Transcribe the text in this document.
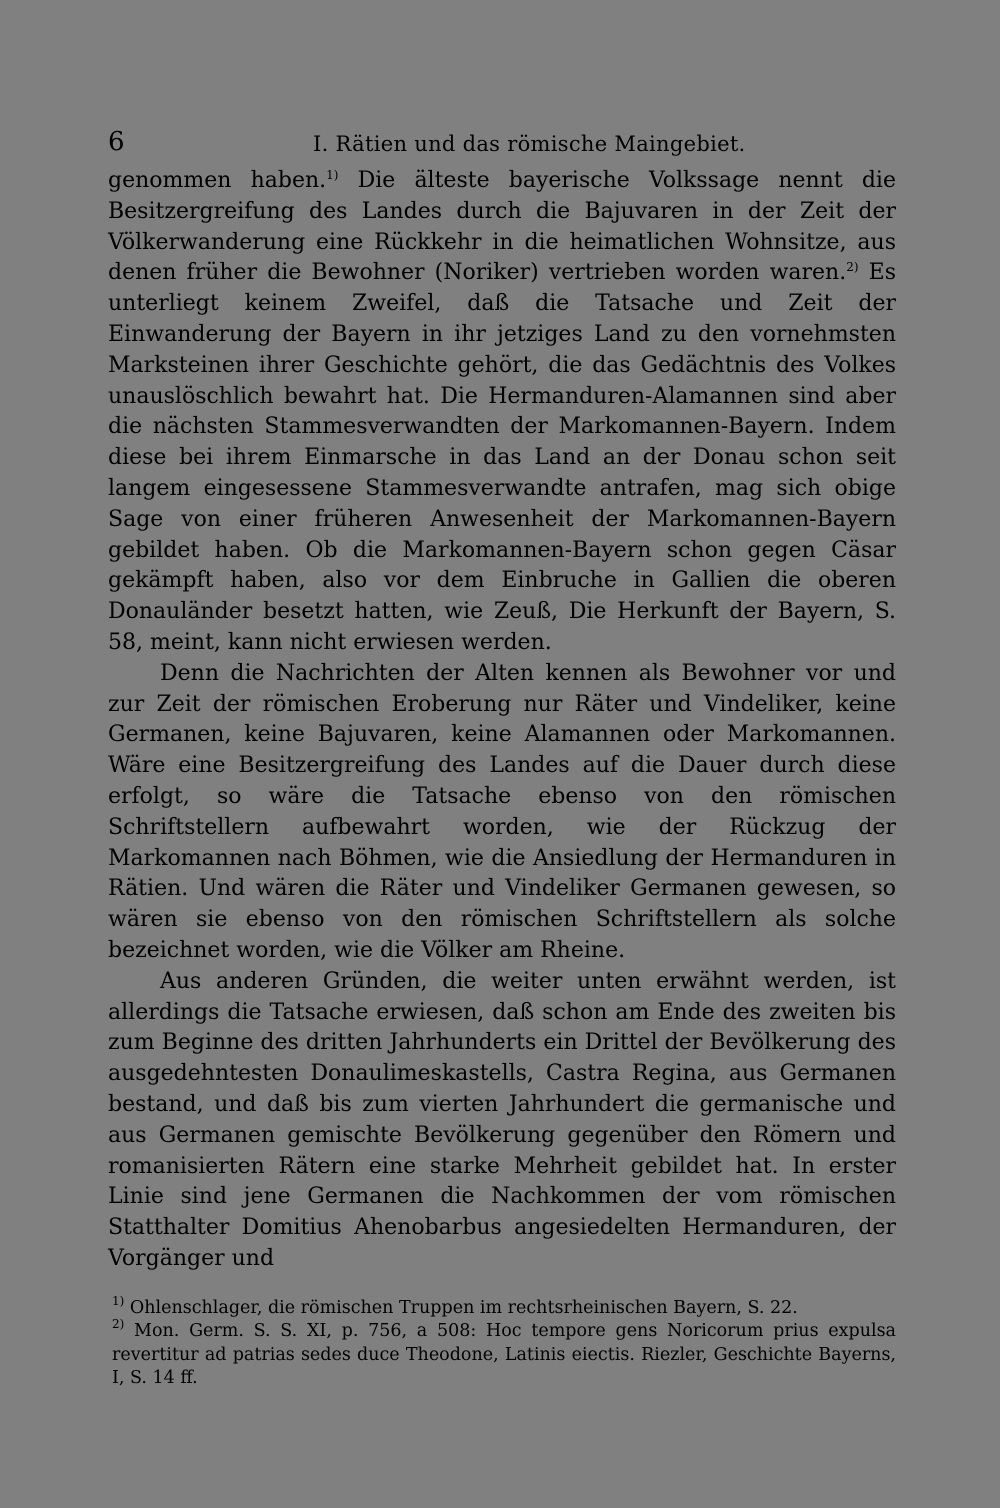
6	I. Rätien und das römische Maingebiet.

genommen haben.$^{1)}$ Die älteste bayerische Volkssage nennt die Besitzergreifung des Landes durch die Bajuvaren in der Zeit der Völkerwanderung eine Rückkehr in die heimatlichen Wohnsitze, aus denen früher die Bewohner (Noriker) vertrieben worden waren.$^{2)}$ Es unterliegt keinem Zweifel, daß die Tatsache und Zeit der Einwanderung der Bayern in ihr jetziges Land zu den vornehmsten Marksteinen ihrer Geschichte gehört, die das Gedächtnis des Volkes unauslöschlich bewahrt hat. Die Hermanduren-Alamannen sind aber die nächsten Stammesverwandten der Markomannen-Bayern. Indem diese bei ihrem Einmarsche in das Land an der Donau schon seit langem eingesessene Stammesverwandte antrafen, mag sich obige Sage von einer früheren Anwesenheit der Markomannen-Bayern gebildet haben. Ob die Markomannen-Bayern schon gegen Cäsar gekämpft haben, also vor dem Einbruche in Gallien die oberen Donauländer besetzt hatten, wie Zeuß, Die Herkunft der Bayern, S. 58, meint, kann nicht erwiesen werden.

Denn die Nachrichten der Alten kennen als Bewohner vor und zur Zeit der römischen Eroberung nur Räter und Vindeliker, keine Germanen, keine Bajuvaren, keine Alamannen oder Markomannen. Wäre eine Besitzergreifung des Landes auf die Dauer durch diese erfolgt, so wäre die Tatsache ebenso von den römischen Schriftstellern aufbewahrt worden, wie der Rückzug der Markomannen nach Böhmen, wie die Ansiedlung der Hermanduren in Rätien. Und wären die Räter und Vindeliker Germanen gewesen, so wären sie ebenso von den römischen Schriftstellern als solche bezeichnet worden, wie die Völker am Rheine.

Aus anderen Gründen, die weiter unten erwähnt werden, ist allerdings die Tatsache erwiesen, daß schon am Ende des zweiten bis zum Beginne des dritten Jahrhunderts ein Drittel der Bevölkerung des ausgedehntesten Donaulimeskastells, Castra Regina, aus Germanen bestand, und daß bis zum vierten Jahrhundert die germanische und aus Germanen gemischte Bevölkerung gegenüber den Römern und romanisierten Rätern eine starke Mehrheit gebildet hat. In erster Linie sind jene Germanen die Nachkommen der vom römischen Statthalter Domitius Ahenobarbus angesiedelten Hermanduren, der Vorgänger und

$^{1)}$ Ohlenschlager, die römischen Truppen im rechtsrheinischen Bayern, S. 22.

$^{2)}$ Mon. Germ. S. S. XI, p. 756, a 508: Hoc tempore gens Noricorum prius expulsa revertitur ad patrias sedes duce Theodone, Latinis eiectis. Riezler, Geschichte Bayerns, I, S. 14 ff.
